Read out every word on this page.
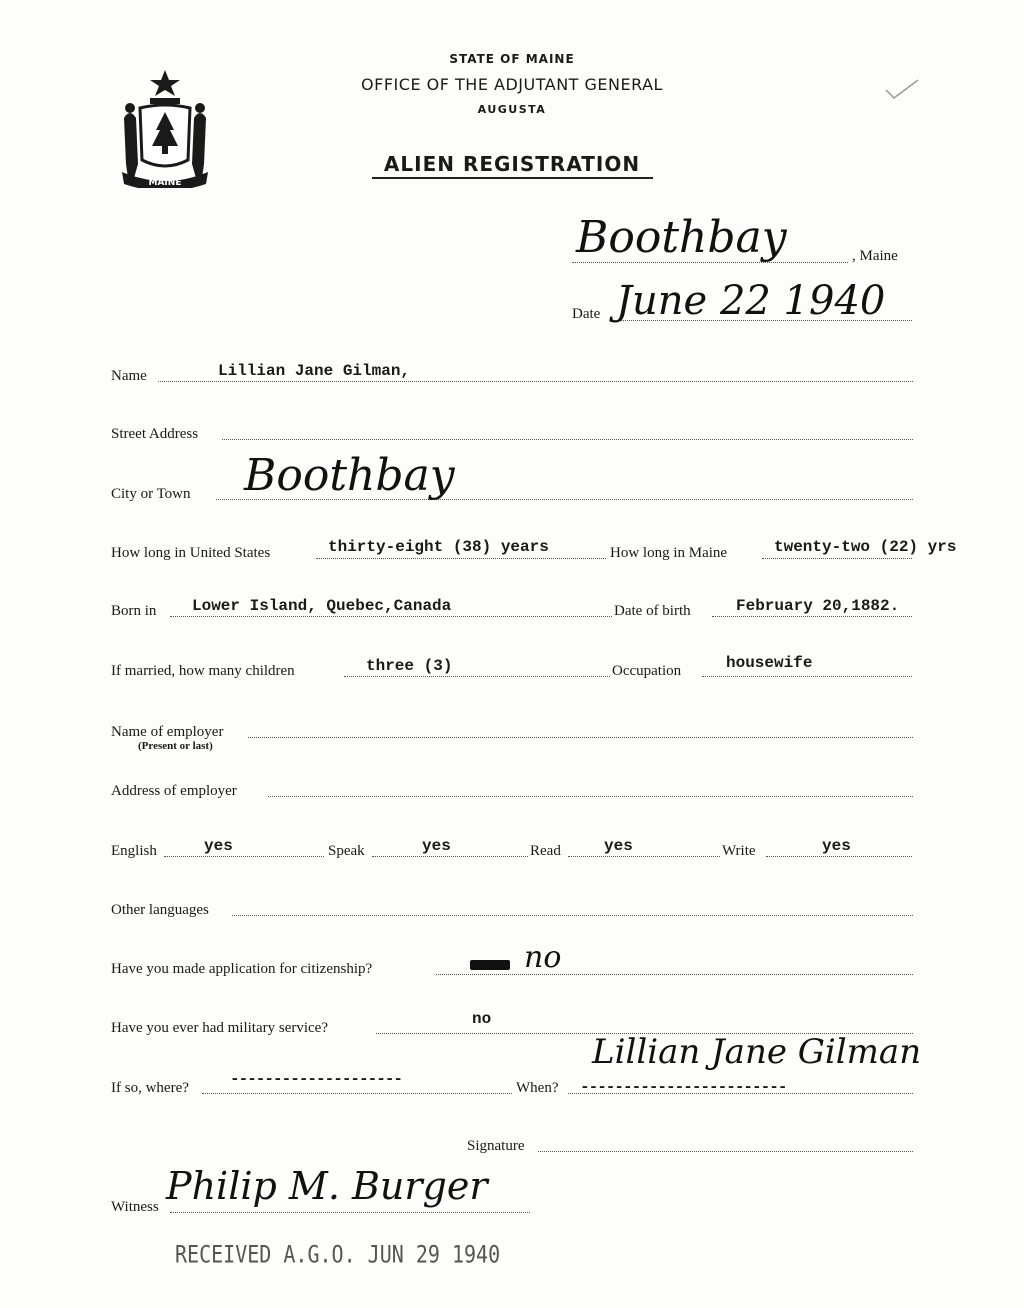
MAINE
STATE OF MAINE
OFFICE OF THE ADJUTANT GENERAL
AUGUSTA
ALIEN REGISTRATION
Boothbay	, Maine
Date June 22 1940
Name	Lillian Jane Gilman,
Street Address
City or Town Boothbay
How long in United States	thirty-eight (38) years	How long in Maine	twenty-two (22) yrs
Born in Lower Island, Quebec,Canada	Date of birth	February 20,1882.
If married, how many children	three (3)	Occupation	housewife
Name of employer
(Present or last)
Address of employer
English	yes	Speak	yes	Read	yes	Write	yes
Other languages
Have you made application for citizenship?	no
Have you ever had military service?	no
If so, where?	--------------------	When? ------------------------
Lillian Jane Gilman
Signature
Witness Philip M. Burger
RECEIVED A.G.O. JUN 29 1940
